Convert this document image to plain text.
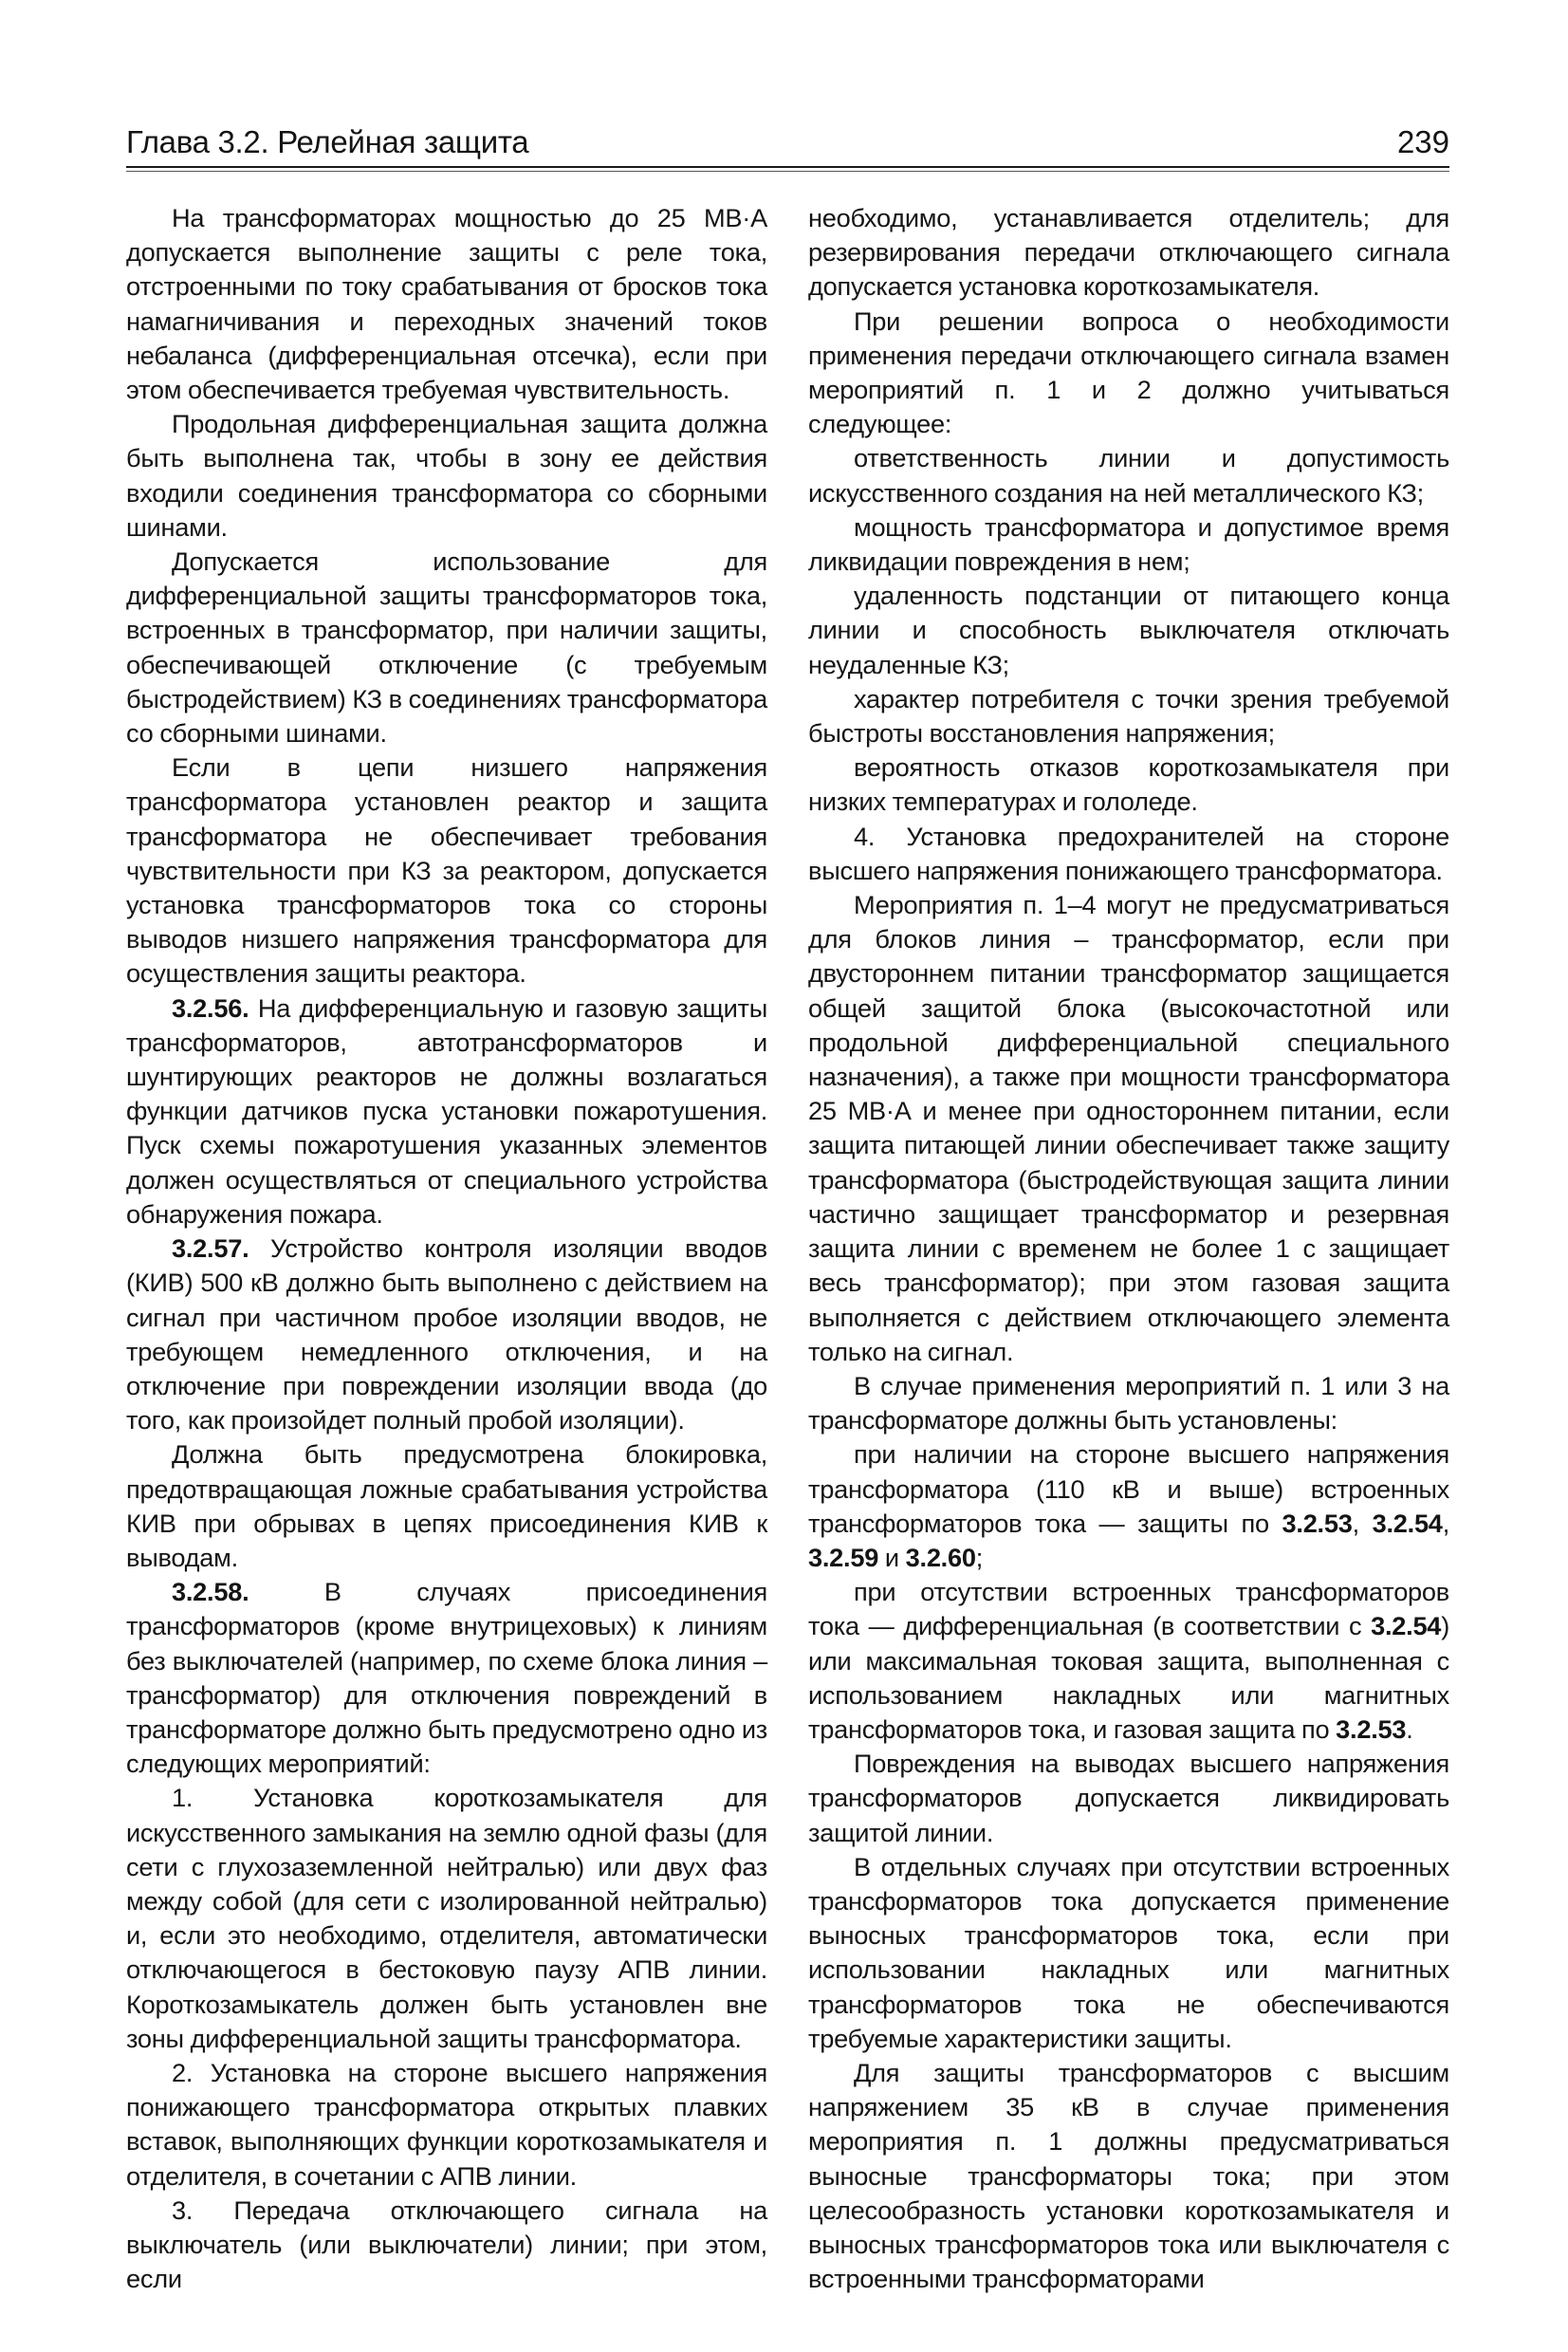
Глава 3.2. Релейная защита	239

На трансформаторах мощностью до 25 МВ·А допускается выполнение защиты с реле тока, отстроенными по току срабатывания от бросков тока намагничивания и переходных значений токов небаланса (дифференциальная отсечка), если при этом обеспечивается требуемая чувствительность.

Продольная дифференциальная защита должна быть выполнена так, чтобы в зону ее действия входили соединения трансформатора со сборными шинами.

Допускается использование для дифференциальной защиты трансформаторов тока, встроенных в трансформатор, при наличии защиты, обеспечивающей отключение (с требуемым быстродействием) КЗ в соединениях трансформатора со сборными шинами.

Если в цепи низшего напряжения трансформатора установлен реактор и защита трансформатора не обеспечивает требования чувствительности при КЗ за реактором, допускается установка трансформаторов тока со стороны выводов низшего напряжения трансформатора для осуществления защиты реактора.

3.2.56. На дифференциальную и газовую защиты трансформаторов, автотрансформаторов и шунтирующих реакторов не должны возлагаться функции датчиков пуска установки пожаротушения. Пуск схемы пожаротушения указанных элементов должен осуществляться от специального устройства обнаружения пожара.

3.2.57. Устройство контроля изоляции вводов (КИВ) 500 кВ должно быть выполнено с действием на сигнал при частичном пробое изоляции вводов, не требующем немедленного отключения, и на отключение при повреждении изоляции ввода (до того, как произойдет полный пробой изоляции).

Должна быть предусмотрена блокировка, предотвращающая ложные срабатывания устройства КИВ при обрывах в цепях присоединения КИВ к выводам.

3.2.58.	В случаях присоединения трансформаторов (кроме внутрицеховых) к линиям без выключателей (например, по схеме блока линия – трансформатор) для отключения повреждений в трансформаторе должно быть предусмотрено одно из следующих мероприятий:

1. Установка короткозамыкателя для искусственного замыкания на землю одной фазы (для сети с глухозаземленной нейтралью) или двух фаз между собой (для сети с изолированной нейтралью) и, если это необходимо, отделителя, автоматически отключающегося в бестоковую паузу АПВ линии. Короткозамыкатель должен быть установлен вне зоны дифференциальной защиты трансформатора.

2. Установка на стороне высшего напряжения понижающего трансформатора открытых плавких вставок, выполняющих функции короткозамыкателя и отделителя, в сочетании с АПВ линии.

3. Передача отключающего сигнала на выключатель (или выключатели) линии; при этом, если

необходимо, устанавливается отделитель; для резервирования передачи отключающего сигнала допускается установка короткозамыкателя.

При решении вопроса о необходимости применения передачи отключающего сигнала взамен мероприятий п. 1 и 2 должно учитываться следующее:

ответственность линии и допустимость искусственного создания на ней металлического КЗ;

мощность трансформатора и допустимое время ликвидации повреждения в нем;

удаленность подстанции от питающего конца линии и способность выключателя отключать неудаленные КЗ;

характер потребителя с точки зрения требуемой быстроты восстановления напряжения;

вероятность отказов короткозамыкателя при низких температурах и гололеде.

4. Установка предохранителей на стороне высшего напряжения понижающего трансформатора.

Мероприятия п. 1–4 могут не предусматриваться для блоков линия – трансформатор, если при двустороннем питании трансформатор защищается общей защитой блока (высокочастотной или продольной дифференциальной специального назначения), а также при мощности трансформатора 25 МВ·А и менее при одностороннем питании, если защита питающей линии обеспечивает также защиту трансформатора (быстродействующая защита линии частично защищает трансформатор и резервная защита линии с временем не более 1 с защищает весь трансформатор); при этом газовая защита выполняется с действием отключающего элемента только на сигнал.

В случае применения мероприятий п. 1 или 3 на трансформаторе должны быть установлены:

при наличии на стороне высшего напряжения трансформатора (110 кВ и выше) встроенных трансформаторов тока — защиты по 3.2.53, 3.2.54, 3.2.59 и 3.2.60;

при отсутствии встроенных трансформаторов тока — дифференциальная (в соответствии с 3.2.54) или максимальная токовая защита, выполненная с использованием накладных или магнитных трансформаторов тока, и газовая защита по 3.2.53.

Повреждения на выводах высшего напряжения трансформаторов допускается ликвидировать защитой линии.

В отдельных случаях при отсутствии встроенных трансформаторов тока допускается применение выносных трансформаторов тока, если при использовании накладных или магнитных трансформаторов тока не обеспечиваются требуемые характеристики защиты.

Для защиты трансформаторов с высшим напряжением 35 кВ в случае применения мероприятия п. 1 должны предусматриваться выносные трансформаторы тока; при этом целесообразность установки короткозамыкателя и выносных трансформаторов тока или выключателя с встроенными трансформаторами
